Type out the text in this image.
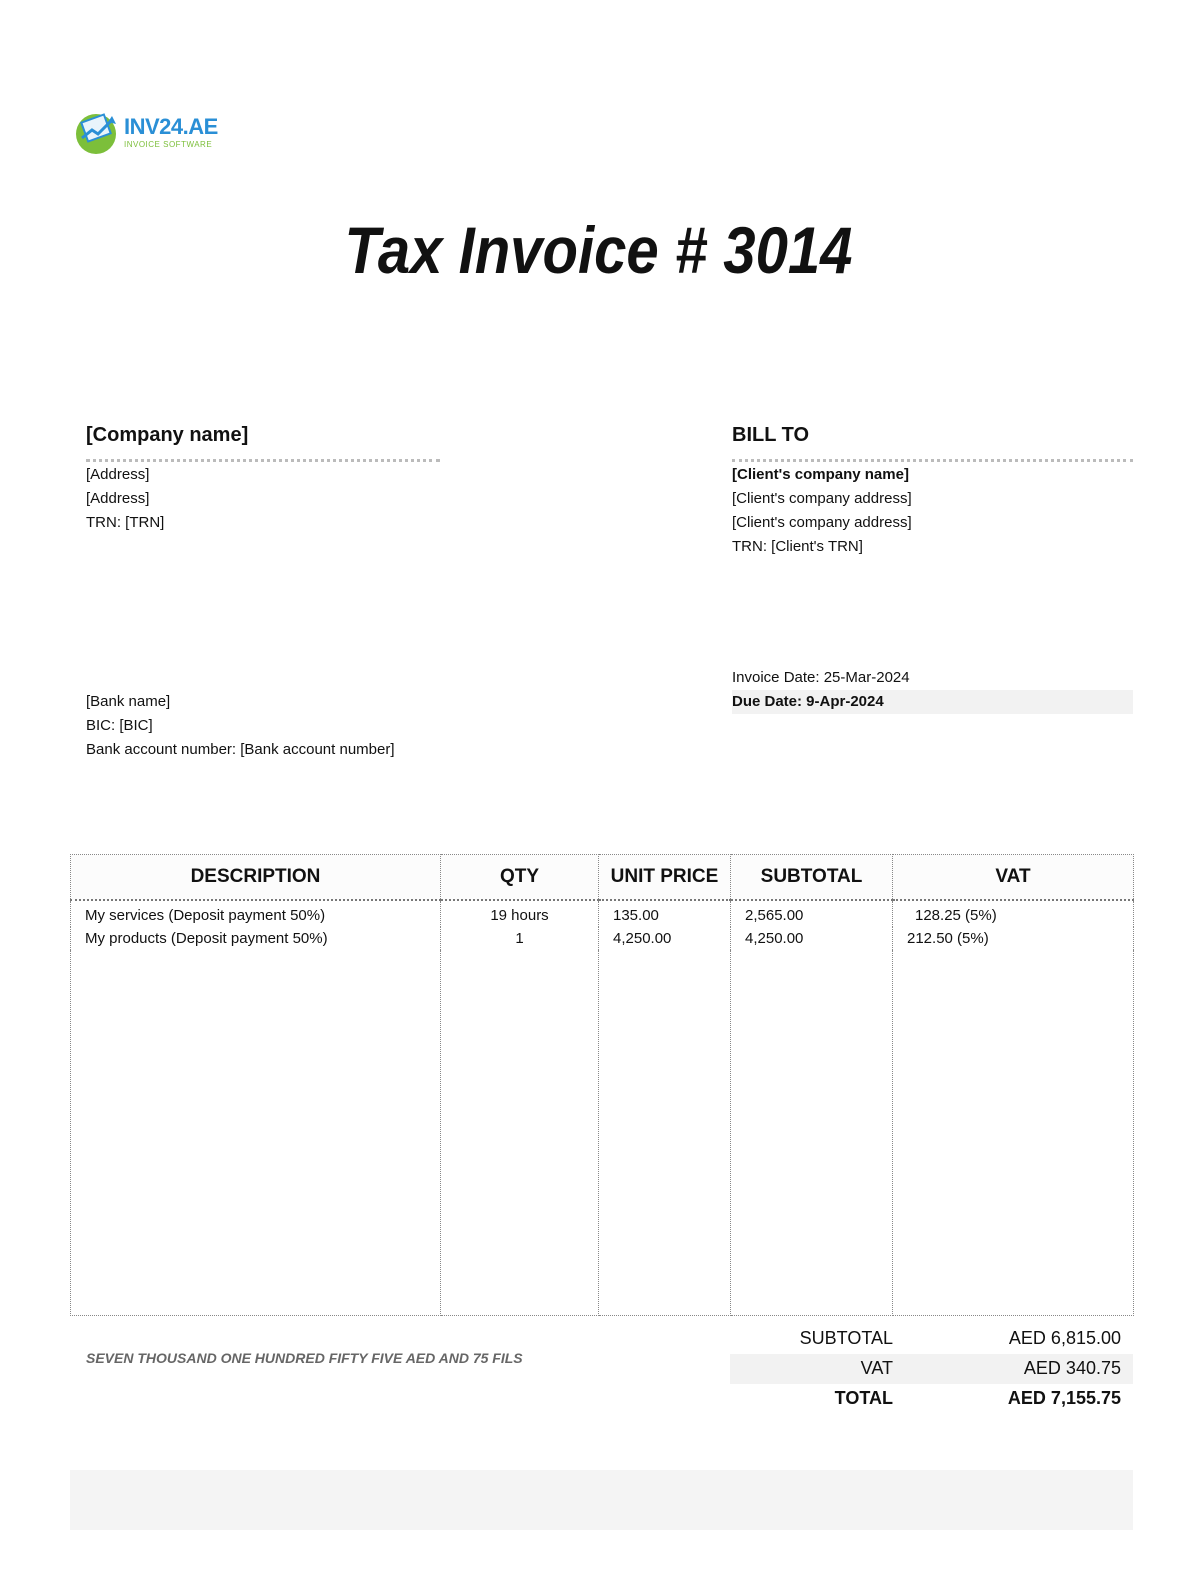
INV24.AE
INVOICE SOFTWARE
Tax Invoice # 3014
[Company name]
[Address]
[Address]
TRN: [TRN]
BILL TO
[Client's company name]
[Client's company address]
[Client's company address]
TRN: [Client's TRN]
[Bank name]
BIC: [BIC]
Bank account number: [Bank account number]
Invoice Date: 25-Mar-2024
Due Date: 9-Apr-2024
DESCRIPTION	QTY	UNIT PRICE	SUBTOTAL	VAT
My services (Deposit payment 50%)	19 hours	135.00	2,565.00	128.25 (5%)
My products (Deposit payment 50%)	1	4,250.00	4,250.00	212.50 (5%)

SEVEN THOUSAND ONE HUNDRED FIFTY FIVE AED AND 75 FILS
SUBTOTAL	AED 6,815.00
VAT	AED 340.75
TOTAL	AED 7,155.75
